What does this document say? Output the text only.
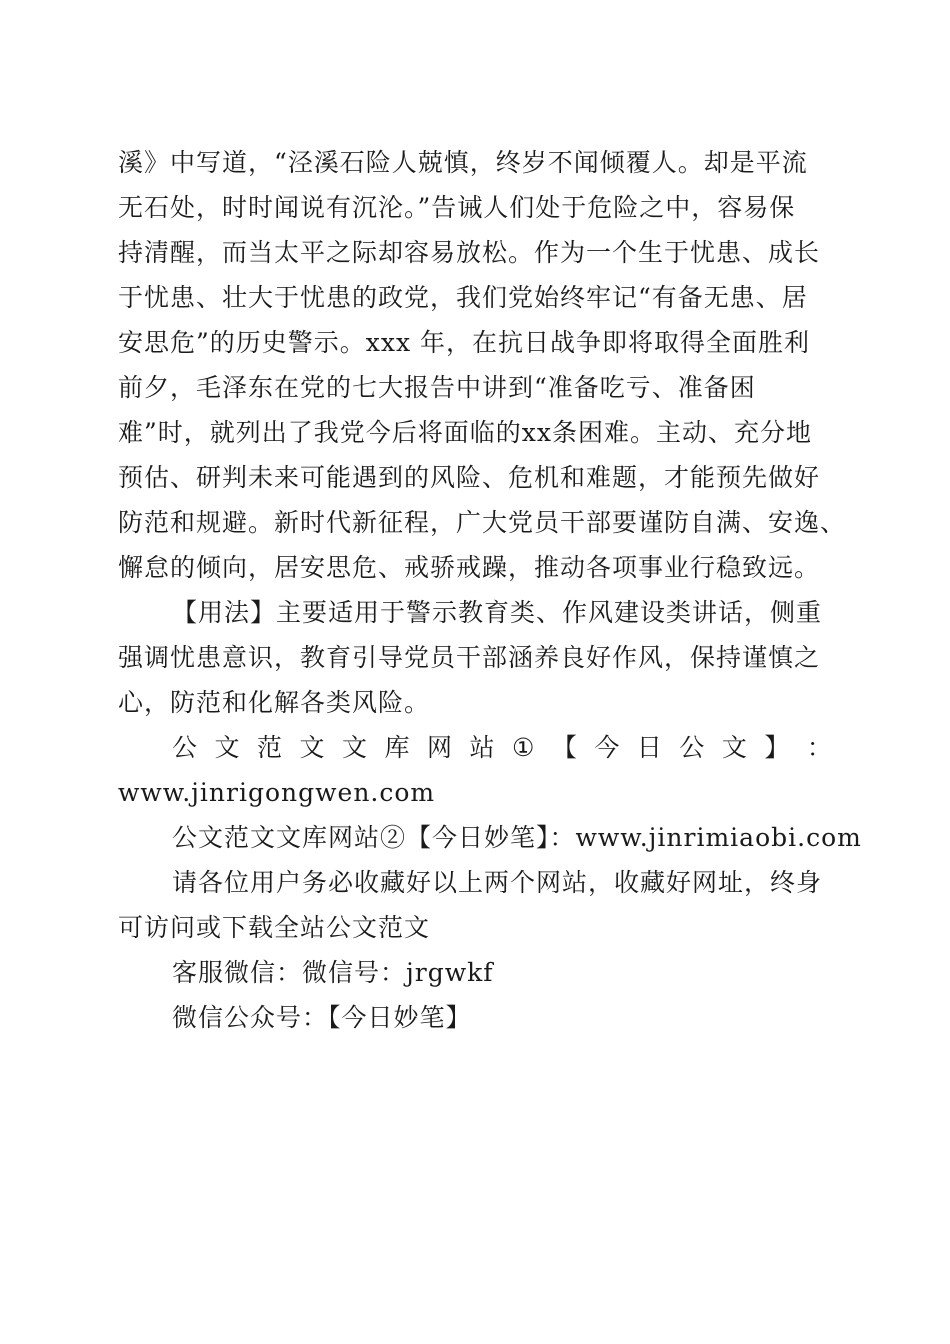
溪》中写道，“泾溪石险人兢慎，终岁不闻倾覆人。却是平流
无石处，时时闻说有沉沦。”告诫人们处于危险之中，容易保
持清醒，而当太平之际却容易放松。作为一个生于忧患、成长
于忧患、壮大于忧患的政党，我们党始终牢记“有备无患、居
安思危”的历史警示。xxx 年，在抗日战争即将取得全面胜利
前夕，毛泽东在党的七大报告中讲到“准备吃亏、准备困
难”时，就列出了我党今后将面临的xx条困难。主动、充分地
预估、研判未来可能遇到的风险、危机和难题，才能预先做好
防范和规避。新时代新征程，广大党员干部要谨防自满、安逸、
懈怠的倾向，居安思危、戒骄戒躁，推动各项事业行稳致远。
【用法】主要适用于警示教育类、作风建设类讲话，侧重
强调忧患意识，教育引导党员干部涵养良好作风，保持谨慎之
心，防范和化解各类风险。
公 文 范 文 文 库 网 站 ① 【 今 日 公 文 】 ：
www.jinrigongwen.com
公文范文文库网站②【今日妙笔】：www.jinrimiaobi.com
请各位用户务必收藏好以上两个网站，收藏好网址，终身
可访问或下载全站公文范文
客服微信：微信号：jrgwkf
微信公众号：【今日妙笔】
